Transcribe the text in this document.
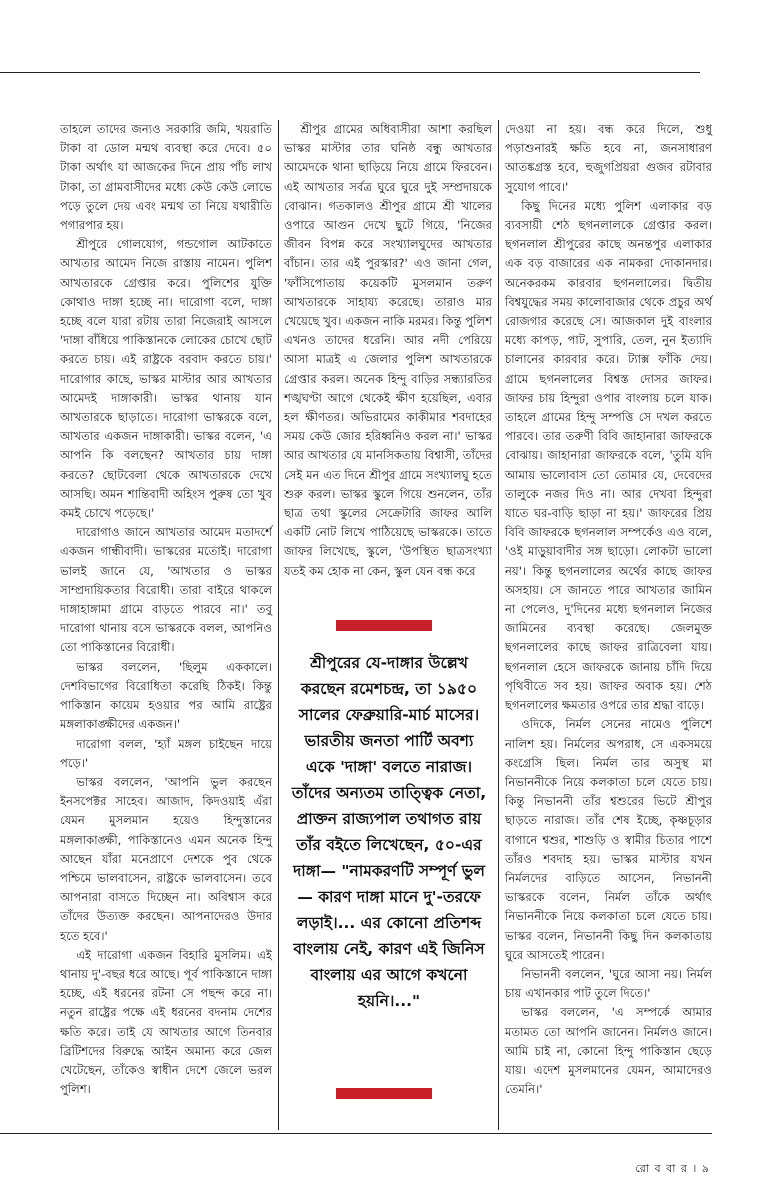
তাহলে তাদের জন্যও সরকারি জমি, খয়রাতি টাকা বা ডোল মন্মথ ব্যবস্থা করে দেবে। ৫০ টাকা অর্থাৎ যা আজকের দিনে প্রায় পাঁচ লাখ টাকা, তা গ্রামবাসীদের মধ্যে কেউ কেউ লোভে পড়ে তুলে দেয় এবং মন্মথ তা নিয়ে যথারীতি পগারপার হয়।

শ্রীপুরে গোলযোগ, গন্ডগোল আটকাতে আখতার আমেদ নিজে রাস্তায় নামেন। পুলিশ আখতারকে গ্রেপ্তার করে। পুলিশের যুক্তি কোথাও দাঙ্গা হচ্ছে না। দারোগা বলে, দাঙ্গা হচ্ছে বলে যারা রটায় তারা নিজেরাই আসলে 'দাঙ্গা বাঁধিয়ে পাকিস্তানকে লোকের চোখে ছোট করতে চায়। এই রাষ্ট্রকে বরবাদ করতে চায়।' দারোগার কাছে, ভাস্কর মাস্টার আর আখতার আমেদই দাঙ্গাকারী। ভাস্কর থানায় যান আখতারকে ছাড়াতে। দারোগা ভাস্করকে বলে, আখতার একজন দাঙ্গাকারী। ভাস্কর বলেন, 'এ আপনি কি বলছেন? আখতার চায় দাঙ্গা করতে? ছোটবেলা থেকে আখতারকে দেখে আসছি। অমন শান্তিবাদী অহিংস পুরুষ তো খুব কমই চোখে পড়েছে।'

দারোগাও জানে আখতার আমেদ মতাদর্শে একজন গান্ধীবাদী। ভাস্করের মতোই। দারোগা ভালই জানে যে, 'আখতার ও ভাস্কর সাম্প্রদায়িকতার বিরোধী। তারা বাইরে থাকলে দাঙ্গাহাঙ্গামা গ্রামে বাড়তে পারবে না।' তবু দারোগা থানায় বসে ভাস্করকে বলল, আপনিও তো পাকিস্তানের বিরোধী।

ভাস্কর বললেন, 'ছিলুম এককালে। দেশবিভাগের বিরোধিতা করেছি ঠিকই। কিন্তু পাকিস্তান কায়েম হওয়ার পর আমি রাষ্ট্রের মঙ্গলাকাঙ্ক্ষীদের একজন।'

দারোগা বলল, 'হ্যাঁ মঙ্গল চাইছেন দায়ে পড়ে।'

ভাস্কর বললেন, 'আপনি ভুল করছেন ইনসপেক্টর সাহেব। আজাদ, কিদওয়াই এঁরা যেমন মুসলমান হয়েও হিন্দুস্তানের মঙ্গলাকাঙ্ক্ষী, পাকিস্তানেও এমন অনেক হিন্দু আছেন যাঁরা মনেপ্রাণে দেশকে পুব থেকে পশ্চিমে ভালবাসেন, রাষ্ট্রকে ভালবাসেন। তবে আপনারা বাসতে দিচ্ছেন না। অবিশ্বাস করে তাঁদের উত্যক্ত করছেন। আপনাদেরও উদার হতে হবে।'

এই দারোগা একজন বিহারি মুসলিম। এই থানায় দু'-বছর ধরে আছে। পূর্ব পাকিস্তানে দাঙ্গা হচ্ছে, এই ধরনের রটনা সে পছন্দ করে না। নতুন রাষ্ট্রের পক্ষে এই ধরনের বদনাম দেশের ক্ষতি করে। তাই যে আখতার আগে তিনবার ব্রিটিশদের বিরুদ্ধে আইন অমান্য করে জেল খেটেছেন, তাঁকেও স্বাধীন দেশে জেলে ভরল পুলিশ।

শ্রীপুর গ্রামের অধিবাসীরা আশা করছিল ভাস্কর মাস্টার তার ঘনিষ্ঠ বন্ধু আখতার আমেদকে থানা ছাড়িয়ে নিয়ে গ্রামে ফিরবেন। এই আখতার সর্বত্র ঘুরে ঘুরে দুই সম্প্রদায়কে বোঝান। গতকালও শ্রীপুর গ্রামে শ্রী খালের ওপারে আগুন দেখে ছুটে গিয়ে, 'নিজের জীবন বিপন্ন করে সংখ্যালঘুদের আখতার বাঁচান। তার এই পুরস্কার?' এও জানা গেল, 'ফাঁসিপোতায় কয়েকটি মুসলমান তরুণ আখতারকে সাহায্য করেছে। তারাও মার খেয়েছে খুব। একজন নাকি মরমর। কিন্তু পুলিশ এখনও তাদের ধরেনি। আর নদী পেরিয়ে আসা মাত্রই এ জেলার পুলিশ আখতারকে গ্রেপ্তার করল। অনেক হিন্দু বাড়ির সন্ধ্যারতির শঙ্খঘণ্টা আগে থেকেই ক্ষীণ হয়েছিল, এবার হল ক্ষীণতর। অভিরামের কাকীমার শবদাহের সময় কেউ জোর হরিধ্বনিও করল না।' ভাস্কর আর আখতার যে মানসিকতায় বিশ্বাসী, তাঁদের সেই মন এত দিনে শ্রীপুর গ্রামে সংখ্যালঘু হতে শুরু করল। ভাস্কর স্কুলে গিয়ে শুনলেন, তাঁর ছাত্র তথা স্কুলের সেক্রেটারি জাফর আলি একটি নোট লিখে পাঠিয়েছে ভাস্করকে। তাতে জাফর লিখেছে, স্কুলে, 'উপস্থিত ছাত্রসংখ্যা যতই কম হোক না কেন, স্কুল যেন বন্ধ করে

শ্রীপুরের যে-দাঙ্গার উল্লেখ করছেন রমেশচন্দ্র, তা ১৯৫০ সালের ফেব্রুয়ারি-মার্চ মাসের। ভারতীয় জনতা পার্টি অবশ্য একে 'দাঙ্গা' বলতে নারাজ। তাঁদের অন্যতম তাত্ত্বিক নেতা, প্রাক্তন রাজ্যপাল তথাগত রায় তাঁর বইতে লিখেছেন, ৫০-এর দাঙ্গা— "নামকরণটি সম্পূর্ণ ভুল— কারণ দাঙ্গা মানে দু'-তরফে লড়াই।... এর কোনো প্রতিশব্দ বাংলায় নেই, কারণ এই জিনিস বাংলায় এর আগে কখনো হয়নি।..."

দেওয়া না হয়। বন্ধ করে দিলে, শুধু পড়াশুনারই ক্ষতি হবে না, জনসাধারণ আতঙ্কগ্রস্ত হবে, হুজুগপ্রিয়রা গুজব রটাবার সুযোগ পাবে।'

কিছু দিনের মধ্যে পুলিশ এলাকার বড় ব্যবসায়ী শেঠ ছগনলালকে গ্রেপ্তার করল। ছগনলাল শ্রীপুরের কাছে অনন্তপুর এলাকার এক বড় বাজারের এক নামকরা দোকানদার। অনেকরকম কারবার ছগনলালের। দ্বিতীয় বিশ্বযুদ্ধের সময় কালোবাজার থেকে প্রচুর অর্থ রোজগার করেছে সে। আজকাল দুই বাংলার মধ্যে কাপড়, পাট, সুপারি, তেল, নুন ইত্যাদি চালানের কারবার করে। ট্যাক্স ফাঁকি দেয়। গ্রামে ছগনলালের বিশ্বস্ত দোসর জাফর। জাফর চায় হিন্দুরা ওপার বাংলায় চলে যাক। তাহলে গ্রামের হিন্দু সম্পত্তি সে দখল করতে পারবে। তার তরুণী বিবি জাহানারা জাফরকে বোঝায়। জাহানারা জাফরকে বলে, 'তুমি যদি আমায় ভালোবাস তো তোমার যে, দেবেদের তালুকে নজর দিও না। আর দেখবা হিন্দুরা যাতে ঘর-বাড়ি ছাড়া না হয়।' জাফরের প্রিয় বিবি জাফরকে ছগনলাল সম্পর্কেও এও বলে, 'ওই মাড়ুয়াবাদীর সঙ্গ ছাড়ো। লোকটা ভালো নয়'। কিন্তু ছগনলালের অর্থের কাছে জাফর অসহায়। সে জানতে পারে আখতার জামিন না পেলেও, দু'দিনের মধ্যে ছগনলাল নিজের জামিনের ব্যবস্থা করেছে। জেলমুক্ত ছগনলালের কাছে জাফর রাত্রিবেলা যায়। ছগনলাল হেসে জাফরকে জানায় চাঁদি দিয়ে পৃথিবীতে সব হয়। জাফর অবাক হয়। শেঠ ছগনলালের ক্ষমতার ওপরে তার শ্রদ্ধা বাড়ে।

ওদিকে, নির্মল সেনের নামেও পুলিশে নালিশ হয়। নির্মলের অপরাধ, সে একসময়ে কংগ্রেসি ছিল। নির্মল তার অসুস্থ মা নিভাননীকে নিয়ে কলকাতা চলে যেতে চায়। কিন্তু নিভাননী তাঁর শ্বশুরের ভিটে শ্রীপুর ছাড়তে নারাজ। তাঁর শেষ ইচ্ছে, কৃষ্ণচূড়ার বাগানে শ্বশুর, শাশুড়ি ও স্বামীর চিতার পাশে তাঁরও শবদাহ হয়। ভাস্কর মাস্টার যখন নির্মলদের বাড়িতে আসেন, নিভাননী ভাস্করকে বলেন, নির্মল তাঁকে অর্থাৎ নিভাননীকে নিয়ে কলকাতা চলে যেতে চায়। ভাস্কর বলেন, নিভাননী কিছু দিন কলকাতায় ঘুরে আসতেই পারেন।

নিভাননী বললেন, 'ঘুরে আসা নয়। নির্মল চায় এখানকার পাট তুলে দিতে।'

ভাস্কর বললেন, 'এ সম্পর্কে আমার মতামত তো আপনি জানেন। নির্মলও জানে। আমি চাই না, কোনো হিন্দু পাকিস্তান ছেড়ে যায়। এদেশ মুসলমানের যেমন, আমাদেরও তেমনি।'

রো ব বা র । ৯
